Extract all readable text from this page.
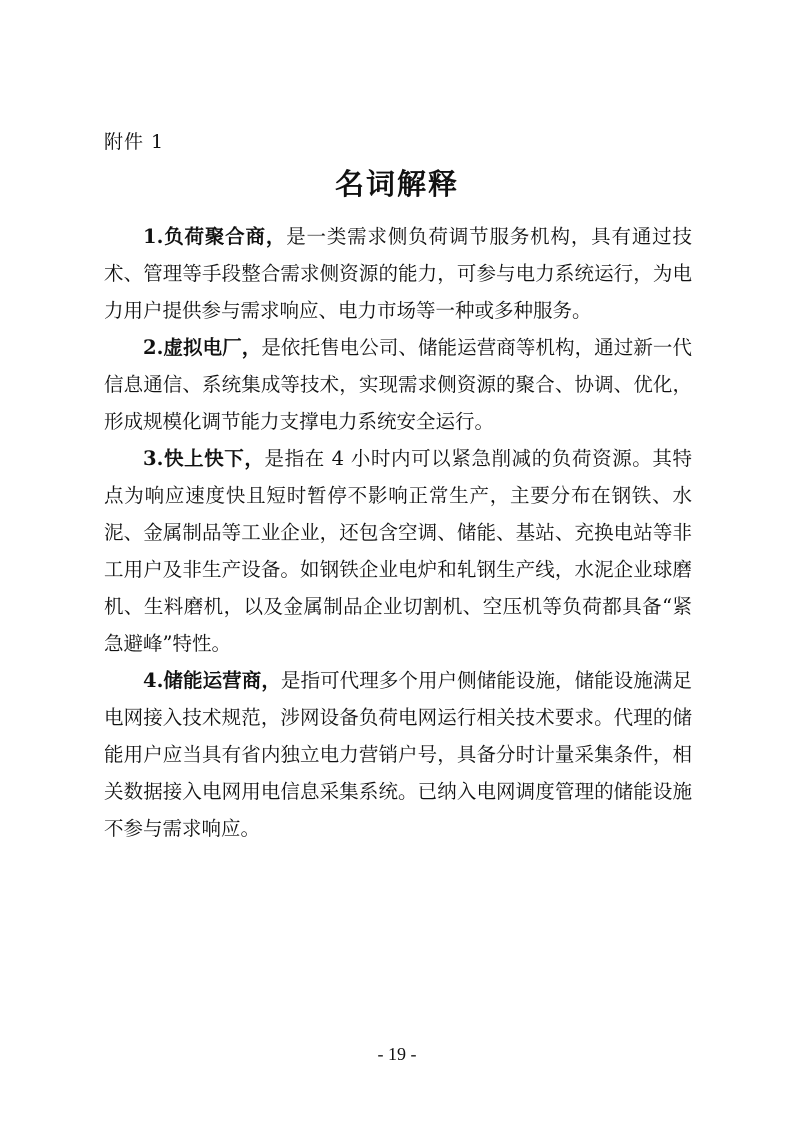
附件 1
名词解释

1.负荷聚合商，是一类需求侧负荷调节服务机构，具有通过技术、管理等手段整合需求侧资源的能力，可参与电力系统运行，为电力用户提供参与需求响应、电力市场等一种或多种服务。

2.虚拟电厂，是依托售电公司、储能运营商等机构，通过新一代信息通信、系统集成等技术，实现需求侧资源的聚合、协调、优化，形成规模化调节能力支撑电力系统安全运行。

3.快上快下，是指在 4 小时内可以紧急削减的负荷资源。其特点为响应速度快且短时暂停不影响正常生产，主要分布在钢铁、水泥、金属制品等工业企业，还包含空调、储能、基站、充换电站等非工用户及非生产设备。如钢铁企业电炉和轧钢生产线，水泥企业球磨机、生料磨机，以及金属制品企业切割机、空压机等负荷都具备“紧急避峰”特性。

4.储能运营商，是指可代理多个用户侧储能设施，储能设施满足电网接入技术规范，涉网设备负荷电网运行相关技术要求。代理的储能用户应当具有省内独立电力营销户号，具备分时计量采集条件，相关数据接入电网用电信息采集系统。已纳入电网调度管理的储能设施不参与需求响应。

- 19 -
